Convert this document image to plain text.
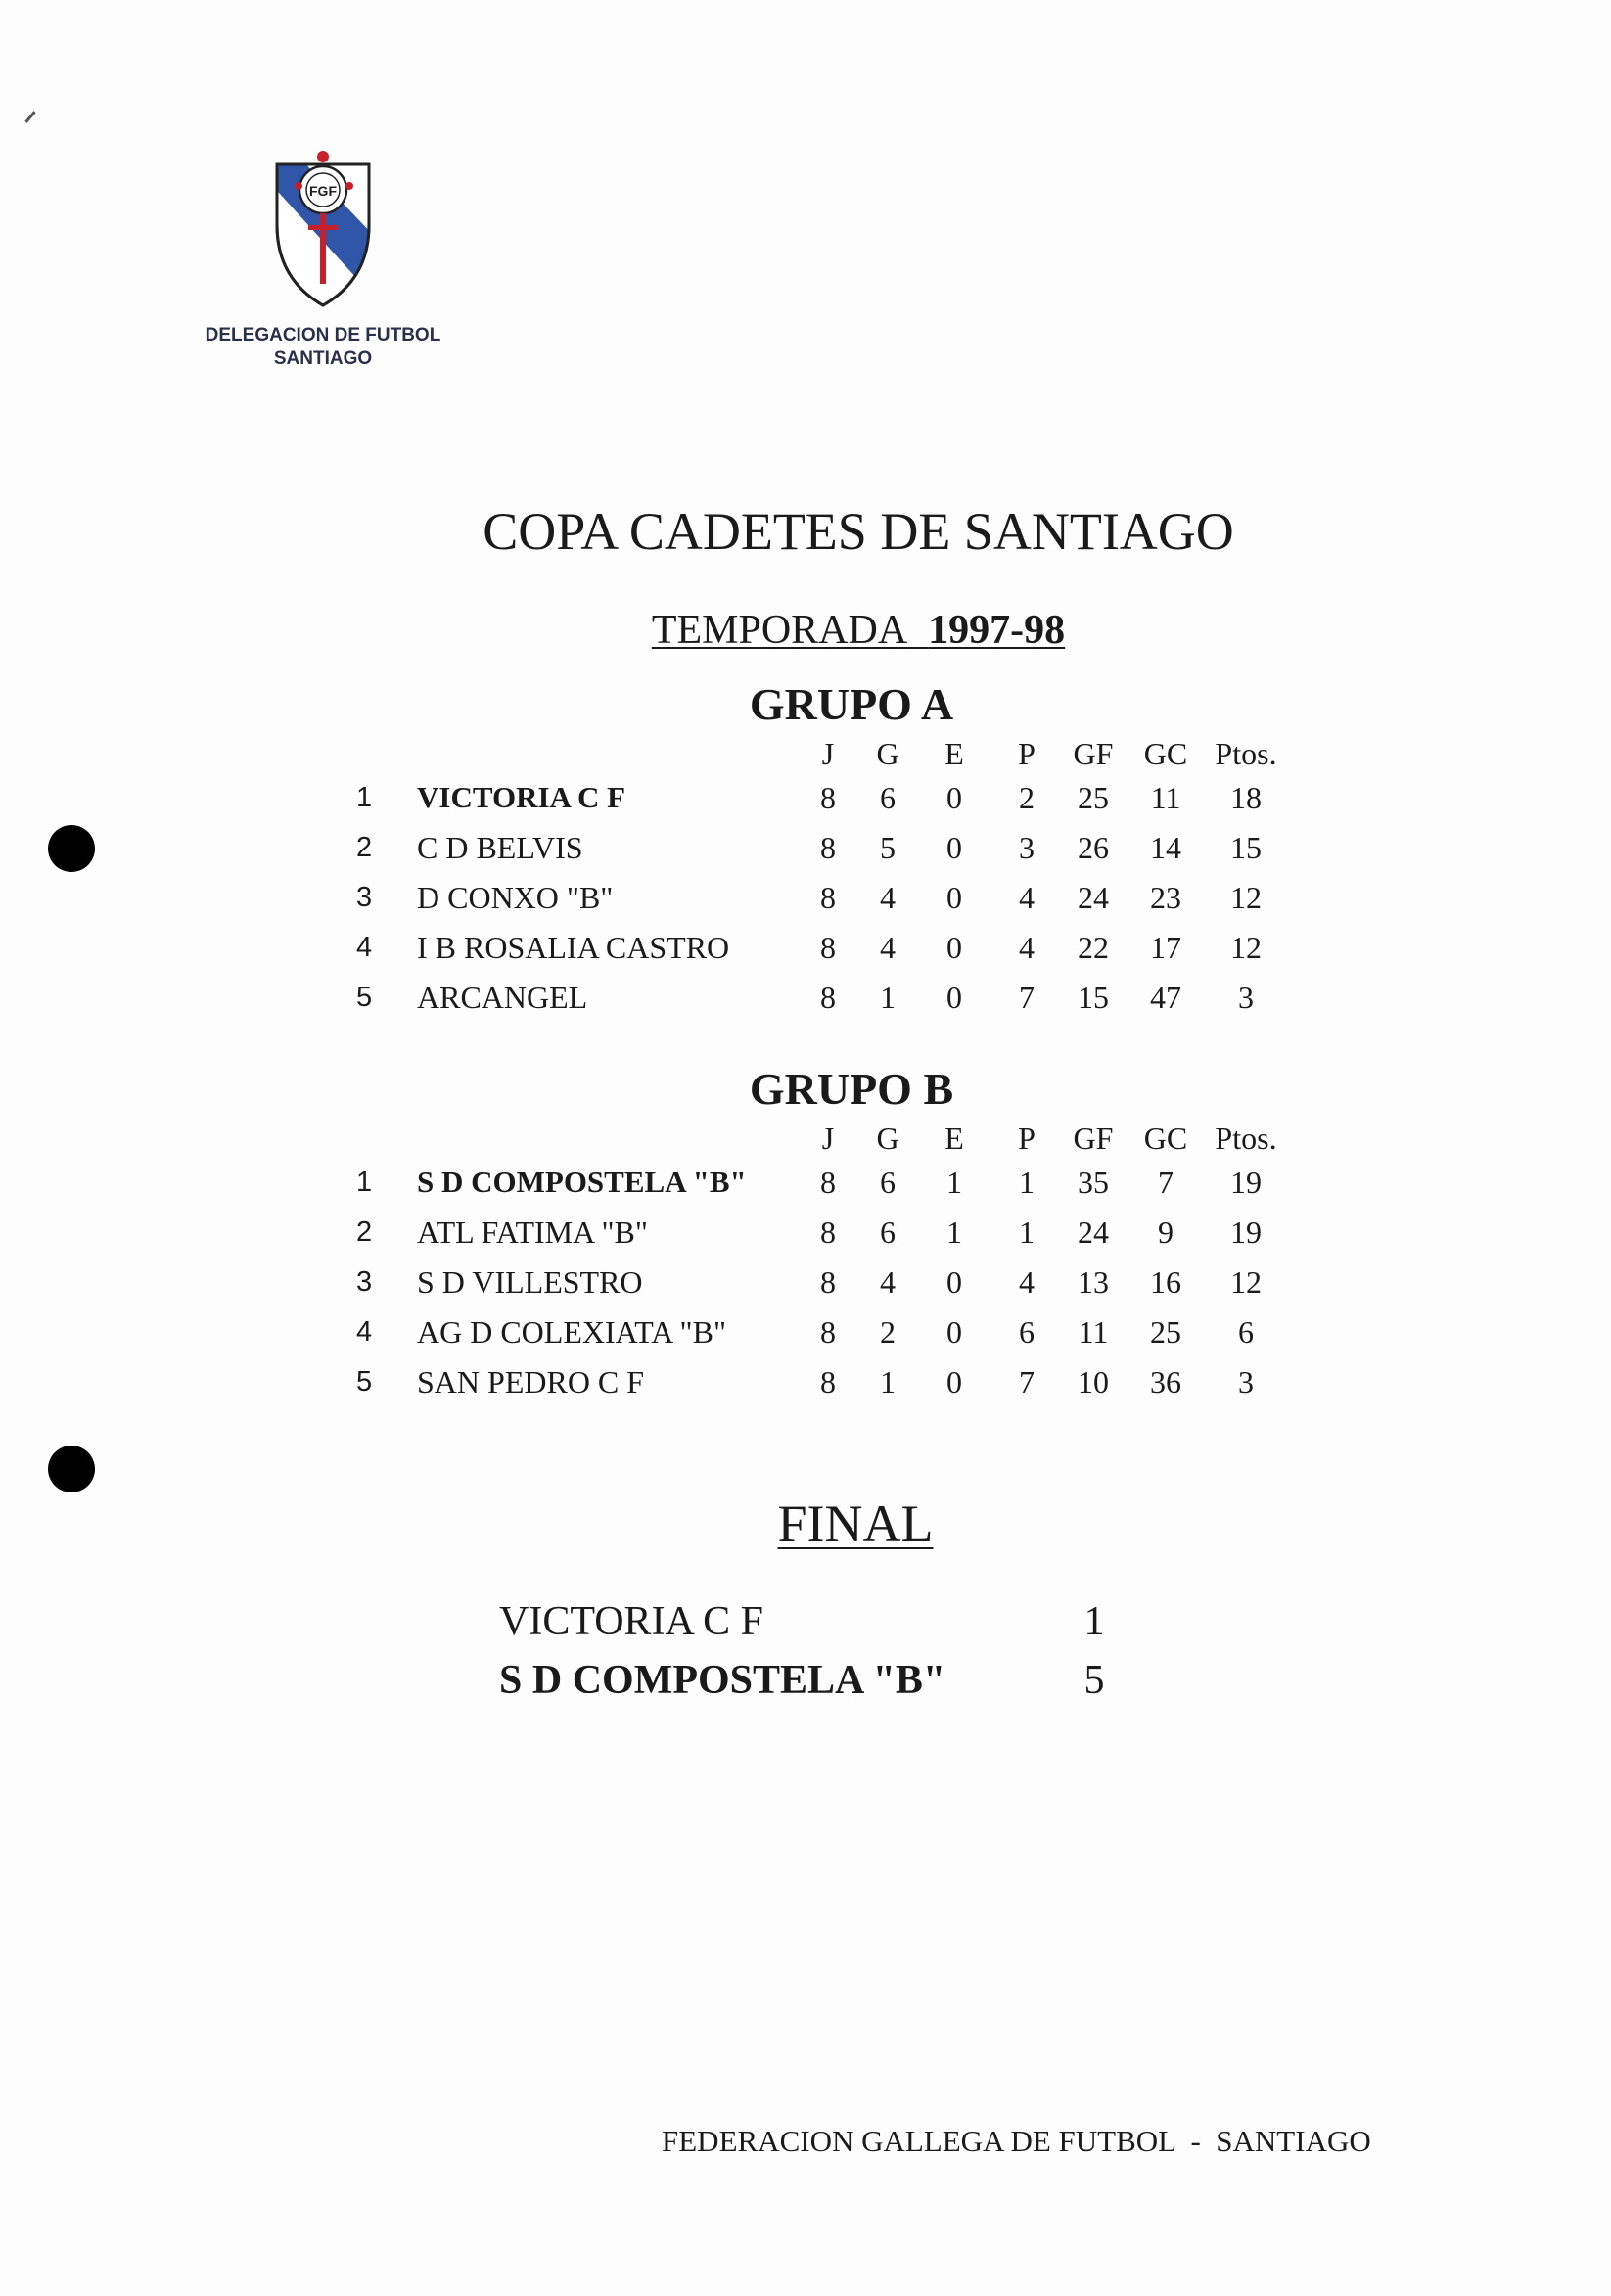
FGF
DELEGACION DE FUTBOL
SANTIAGO
COPA CADETES DE SANTIAGO
TEMPORADA 1997-98
GRUPO A
J G E P GF GC Ptos.
1 VICTORIA C F	8 6 0 2 25 11 18
2 C D BELVIS	8 5 0 3 26 14 15
3 D CONXO "B"	8 4 0 4 24 23 12
4 I B ROSALIA CASTRO	8 4 0 4 22 17 12
5 ARCANGEL	8 1 0 7 15 47 3
GRUPO B
J G E P GF GC Ptos.
1 S D COMPOSTELA "B" 8 6 1 1 35 7 19
2 ATL FATIMA "B"	8 6 1 1 24 9 19
3 S D VILLESTRO	8 4 0 4 13 16 12
4 AG D COLEXIATA "B"	8 2 0 6 11 25 6
5 SAN PEDRO C F	8 1 0 7 10 36 3
FINAL
VICTORIA C F	1
S D COMPOSTELA "B"	5
FEDERACION GALLEGA DE FUTBOL  -  SANTIAGO
